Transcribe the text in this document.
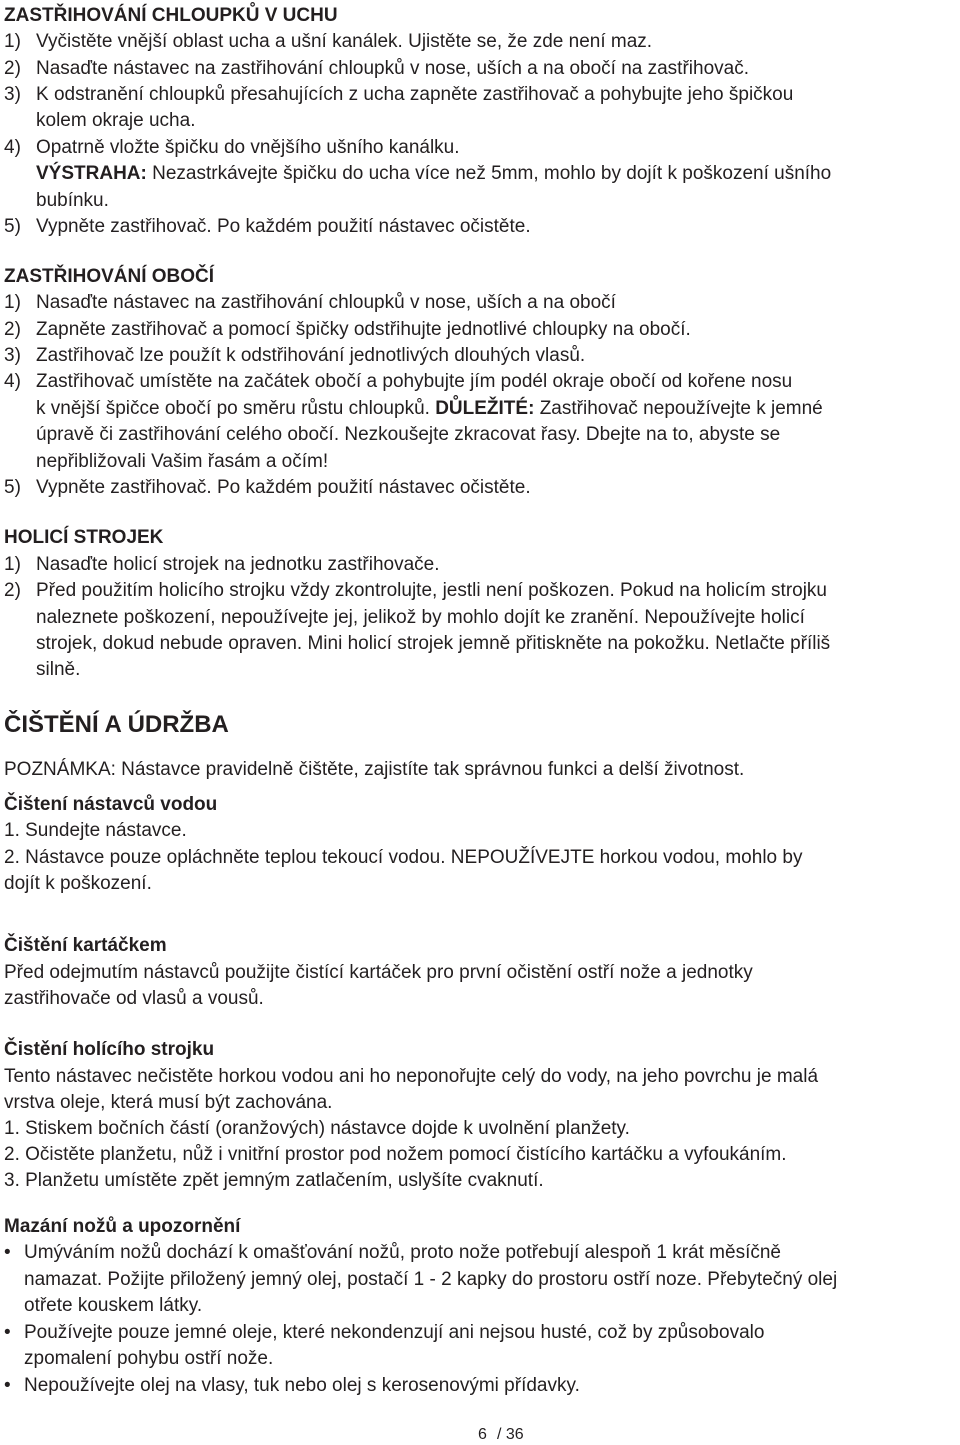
ZASTŘIHOVÁNÍ CHLOUPKŮ V UCHU
1) Vyčistěte vnější oblast ucha a ušní kanálek. Ujistěte se, že zde není maz.
2) Nasaďte nástavec na zastřihování chloupků v nose, uších a na obočí na zastřihovač.
3) K odstranění chloupků přesahujících z ucha zapněte zastřihovač a pohybujte jeho špičkou
kolem okraje ucha.
4) Opatrně vložte špičku do vnějšího ušního kanálku.
VÝSTRAHA: Nezastrkávejte špičku do ucha více než 5mm, mohlo by dojít k poškození ušního
bubínku.
5) Vypněte zastřihovač. Po každém použití nástavec očistěte.
ZASTŘIHOVÁNÍ OBOČÍ
1) Nasaďte nástavec na zastřihování chloupků v nose, uších a na obočí
2) Zapněte zastřihovač a pomocí špičky odstřihujte jednotlivé chloupky na obočí.
3) Zastřihovač lze použít k odstřihování jednotlivých dlouhých vlasů.
4) Zastřihovač umístěte na začátek obočí a pohybujte jím podél okraje obočí od kořene nosu
k vnější špičce obočí po směru růstu chloupků. DŮLEŽITÉ: Zastřihovač nepoužívejte k jemné
úpravě či zastřihování celého obočí. Nezkoušejte zkracovat řasy. Dbejte na to, abyste se
nepřibližovali Vašim řasám a očím!
5) Vypněte zastřihovač. Po každém použití nástavec očistěte.
HOLICÍ STROJEK
1) Nasaďte holicí strojek na jednotku zastřihovače.
2) Před použitím holicího strojku vždy zkontrolujte, jestli není poškozen. Pokud na holicím strojku
naleznete poškození, nepoužívejte jej, jelikož by mohlo dojít ke zranění. Nepoužívejte holicí
strojek, dokud nebude opraven. Mini holicí strojek jemně přitiskněte na pokožku. Netlačte příliš
silně.
ČIŠTĚNÍ A ÚDRŽBA
POZNÁMKA: Nástavce pravidelně čištěte, zajistíte tak správnou funkci a delší životnost.
Čištení nástavců vodou
1. Sundejte nástavce.
2. Nástavce pouze opláchněte teplou tekoucí vodou. NEPOUŽÍVEJTE horkou vodou, mohlo by
dojít k poškození.
Čištění kartáčkem
Před odejmutím nástavců použijte čistící kartáček pro první očistění ostří nože a jednotky
zastřihovače od vlasů a vousů.
Čistění holícího strojku
Tento nástavec nečistěte horkou vodou ani ho neponořujte celý do vody, na jeho povrchu je malá
vrstva oleje, která musí být zachována.
1. Stiskem bočních částí (oranžových) nástavce dojde k uvolnění planžety.
2. Očistěte planžetu, nůž i vnitřní prostor pod nožem pomocí čistícího kartáčku a vyfoukáním.
3. Planžetu umístěte zpět jemným zatlačením, uslyšíte cvaknutí.
Mazání nožů a upozornění
• Umýváním nožů dochází k omašťování nožů, proto nože potřebují alespoň 1 krát měsíčně
namazat. Požijte přiložený jemný olej, postačí 1 - 2 kapky do prostoru ostří noze. Přebytečný olej
otřete kouskem látky.
• Používejte pouze jemné oleje, které nekondenzují ani nejsou husté, což by způsobovalo
zpomalení pohybu ostří nože.
• Nepoužívejte olej na vlasy, tuk nebo olej s kerosenovými přídavky.
6 / 36
